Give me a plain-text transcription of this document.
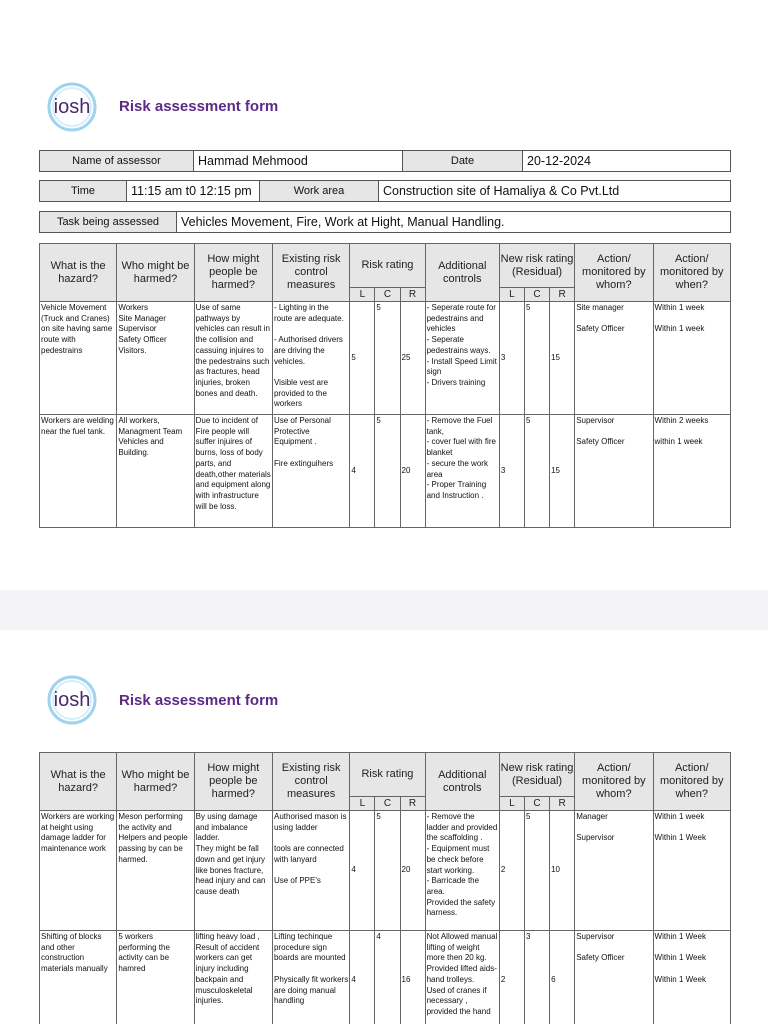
iosh Risk assessment form
Name of assessor	Hammad Mehmood	Date	20-12-2024
Time	11:15 am t0 12:15 pm	Work area	Construction site of Hamaliya & Co Pvt.Ltd
Task being assessed	Vehicles Movement, Fire, Work at Hight, Manual Handling.
What is the hazard?	Who might be harmed?	How might people be harmed?	Existing risk control measures	Risk rating			Additional controls	New risk rating (Residual)			Action/ monitored by whom?	Action/ monitored by when?
				L	C	R		L	C	R		
Vehicle Movement (Truck and Cranes) on site having same route with pedestrains	Workers
Site Manager
Supervisor
Safety Officer
Visitors.	Use of same pathways by vehicles can result in the collision and cassuing injuires to the pedestrains such as fractures, head injuries, broken bones and death.	- Lighting in the route are adequate.

- Authorised drivers are driving the vehicles.

Visible vest are provided to the workers	5	5	25	- Seperate route for pedestrains and vehicles
- Seperate pedestrains ways.
- Install Speed Limit sign
- Drivers training	3	5	15	Site manager

Safety Officer	Within 1 week

Within 1 week
Workers are welding near the fuel tank.	All workers, Managment Team Vehicles and Building.	Due to incident of Fire people will suffer injuires of burns, loss of body parts, and death,other materials and equipment along with infrastructure will be loss.	Use of Personal Protective Equipment .

Fire extinguihers	4	5	20	- Remove the Fuel tank,
- cover fuel with fire blanket
- secure the work area
- Proper Training and Instruction .	3	5	15	Supervisor

Safety Officer	Within 2 weeks

within 1 week
iosh Risk assessment form
What is the hazard?	Who might be harmed?	How might people be harmed?	Existing risk control measures	Risk rating			Additional controls	New risk rating (Residual)			Action/ monitored by whom?	Action/ monitored by when?
				L	C	R		L	C	R		
Workers are working at height using damage ladder for maintenance work	Meson performing the activity and Helpers and people passing by can be harmed.	By using damage and imbalance ladder.
They might be fall down and get injury like bones fracture, head injury and can cause death	Authorised mason is using ladder

tools are connected with lanyard

Use of PPE's	4	5	20	- Remove the ladder and provided the scaffolding .
- Equipment must be check before start working.
- Barricade the area.
Provided the safety harness.	2	5	10	Manager

Supervisor	Within 1 week

Within 1 Week
Shifting of blocks and other construction materials manually	5 workers performing the activity can be hamred	lifting heavy load , Result of accident workers can get injury including backpain and musculoskeletal injuries.	Lifting techinque procedure sign boards are mounted

Physically fit workers are doing manual handling	4	4	16	Not Allowed manual lifting of weight more then 20 kg.
Provided lifted aids-hand trolleys.
Used of cranes if necessary ,
provided the hand	2	3	6	Supervisor

Safety Officer	Within 1 Week

Within 1 Week

Within 1 Week
